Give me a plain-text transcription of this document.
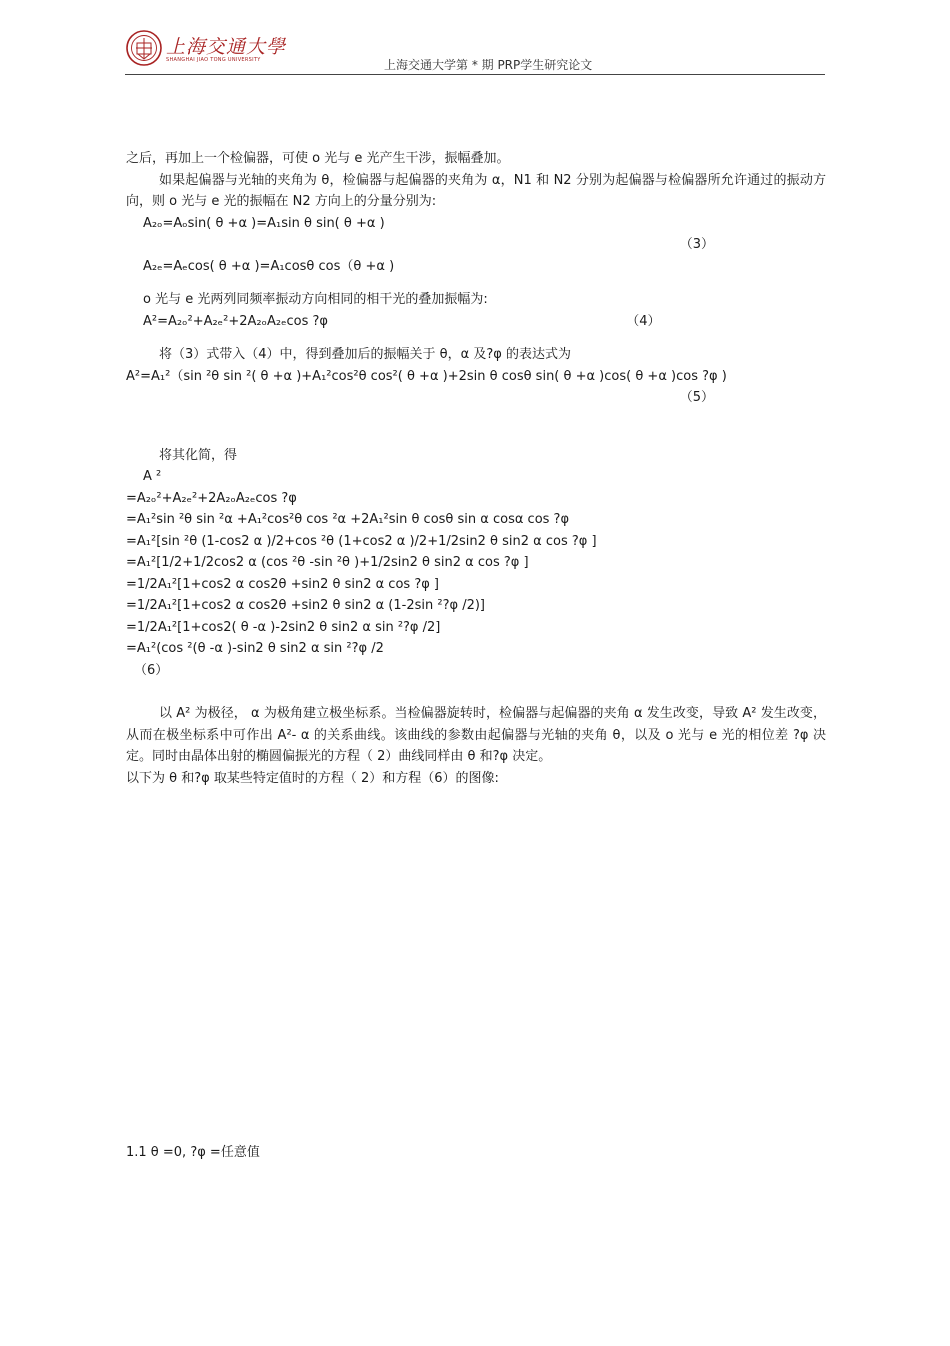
上海交通大學
SHANGHAI JIAO TONG UNIVERSITY	上海交通大学第 * 期 PRP学生研究论文

之后，再加上一个检偏器，可使 o 光与 e 光产生干涉，振幅叠加。

如果起偏器与光轴的夹角为 θ，检偏器与起偏器的夹角为 α，N1 和 N2 分别为起偏器与检偏器所允许通过的振动方向，则 o 光与 e 光的振幅在 N2 方向上的分量分别为:

A₂ₒ=Aₒsin( θ +α )=A₁sin θ sin( θ +α )

（3）

A₂ₑ=Aₑcos( θ +α )=A₁cosθ cos（θ +α )

o 光与 e 光两列同频率振动方向相同的相干光的叠加振幅为:

A²=A₂ₒ²+A₂ₑ²+2A₂ₒA₂ₑcos ?φ	（4）

将（3）式带入（4）中，得到叠加后的振幅关于 θ，α 及?φ 的表达式为

A²=A₁²（sin ²θ sin ²( θ +α )+A₁²cos²θ cos²( θ +α )+2sin θ cosθ sin( θ +α )cos( θ +α )cos ?φ )

（5）

将其化简，得

A ²

=A₂ₒ²+A₂ₑ²+2A₂ₒA₂ₑcos ?φ

=A₁²sin ²θ sin ²α +A₁²cos²θ cos ²α +2A₁²sin θ cosθ sin α cosα cos ?φ

=A₁²[sin ²θ (1-cos2 α )/2+cos ²θ (1+cos2 α )/2+1/2sin2 θ sin2 α cos ?φ ]

=A₁²[1/2+1/2cos2 α (cos ²θ -sin ²θ )+1/2sin2 θ sin2 α cos ?φ ]

=1/2A₁²[1+cos2 α cos2θ +sin2 θ sin2 α cos ?φ ]

=1/2A₁²[1+cos2 α cos2θ +sin2 θ sin2 α (1-2sin ²?φ /2)]

=1/2A₁²[1+cos2( θ -α )-2sin2 θ sin2 α sin ²?φ /2]

=A₁²(cos ²(θ -α )-sin2 θ sin2 α sin ²?φ /2

（6）

以 A² 为极径， α 为极角建立极坐标系。当检偏器旋转时，检偏器与起偏器的夹角 α 发生改变，导致 A² 发生改变，从而在极坐标系中可作出 A²- α 的关系曲线。该曲线的参数由起偏器与光轴的夹角 θ，以及 o 光与 e 光的相位差 ?φ 决定。同时由晶体出射的椭圆偏振光的方程（ 2）曲线同样由 θ 和?φ 决定。

以下为 θ 和?φ 取某些特定值时的方程（ 2）和方程（6）的图像:

1.1 θ =0, ?φ =任意值
